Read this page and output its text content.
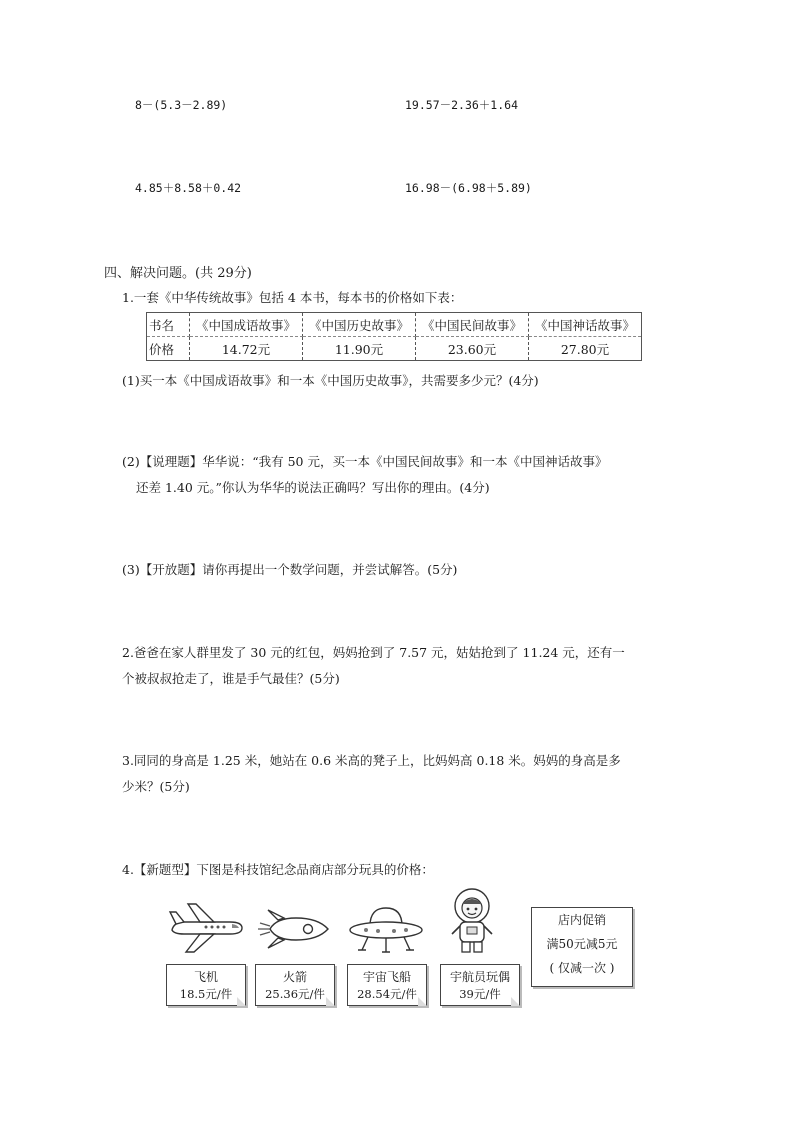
8－(5.3－2.89)	19.57－2.36＋1.64
4.85＋8.58＋0.42	16.98－(6.98＋5.89)
四、解决问题。(共 29分)
1.一套《中华传统故事》包括 4 本书，每本书的价格如下表：
书名	《中国成语故事》	《中国历史故事》	《中国民间故事》	《中国神话故事》
价格	14.72元	11.90元	23.60元	27.80元
(1)买一本《中国成语故事》和一本《中国历史故事》，共需要多少元？(4分)
(2)【说理题】华华说：“我有 50 元，买一本《中国民间故事》和一本《中国神话故事》
还差 1.40 元。”你认为华华的说法正确吗？写出你的理由。(4分)
(3)【开放题】请你再提出一个数学问题，并尝试解答。(5分)
2.爸爸在家人群里发了 30 元的红包，妈妈抢到了 7.57 元，姑姑抢到了 11.24 元，还有一
个被叔叔抢走了，谁是手气最佳？(5分)
3.同同的身高是 1.25 米，她站在 0.6 米高的凳子上，比妈妈高 0.18 米。妈妈的身高是多
少米？(5分)
4.【新题型】下图是科技馆纪念品商店部分玩具的价格：
飞机
18.5元/件
火箭
25.36元/件
宇宙飞船
28.54元/件
宇航员玩偶
39元/件
店内促销
满50元减5元
( 仅减一次 )
